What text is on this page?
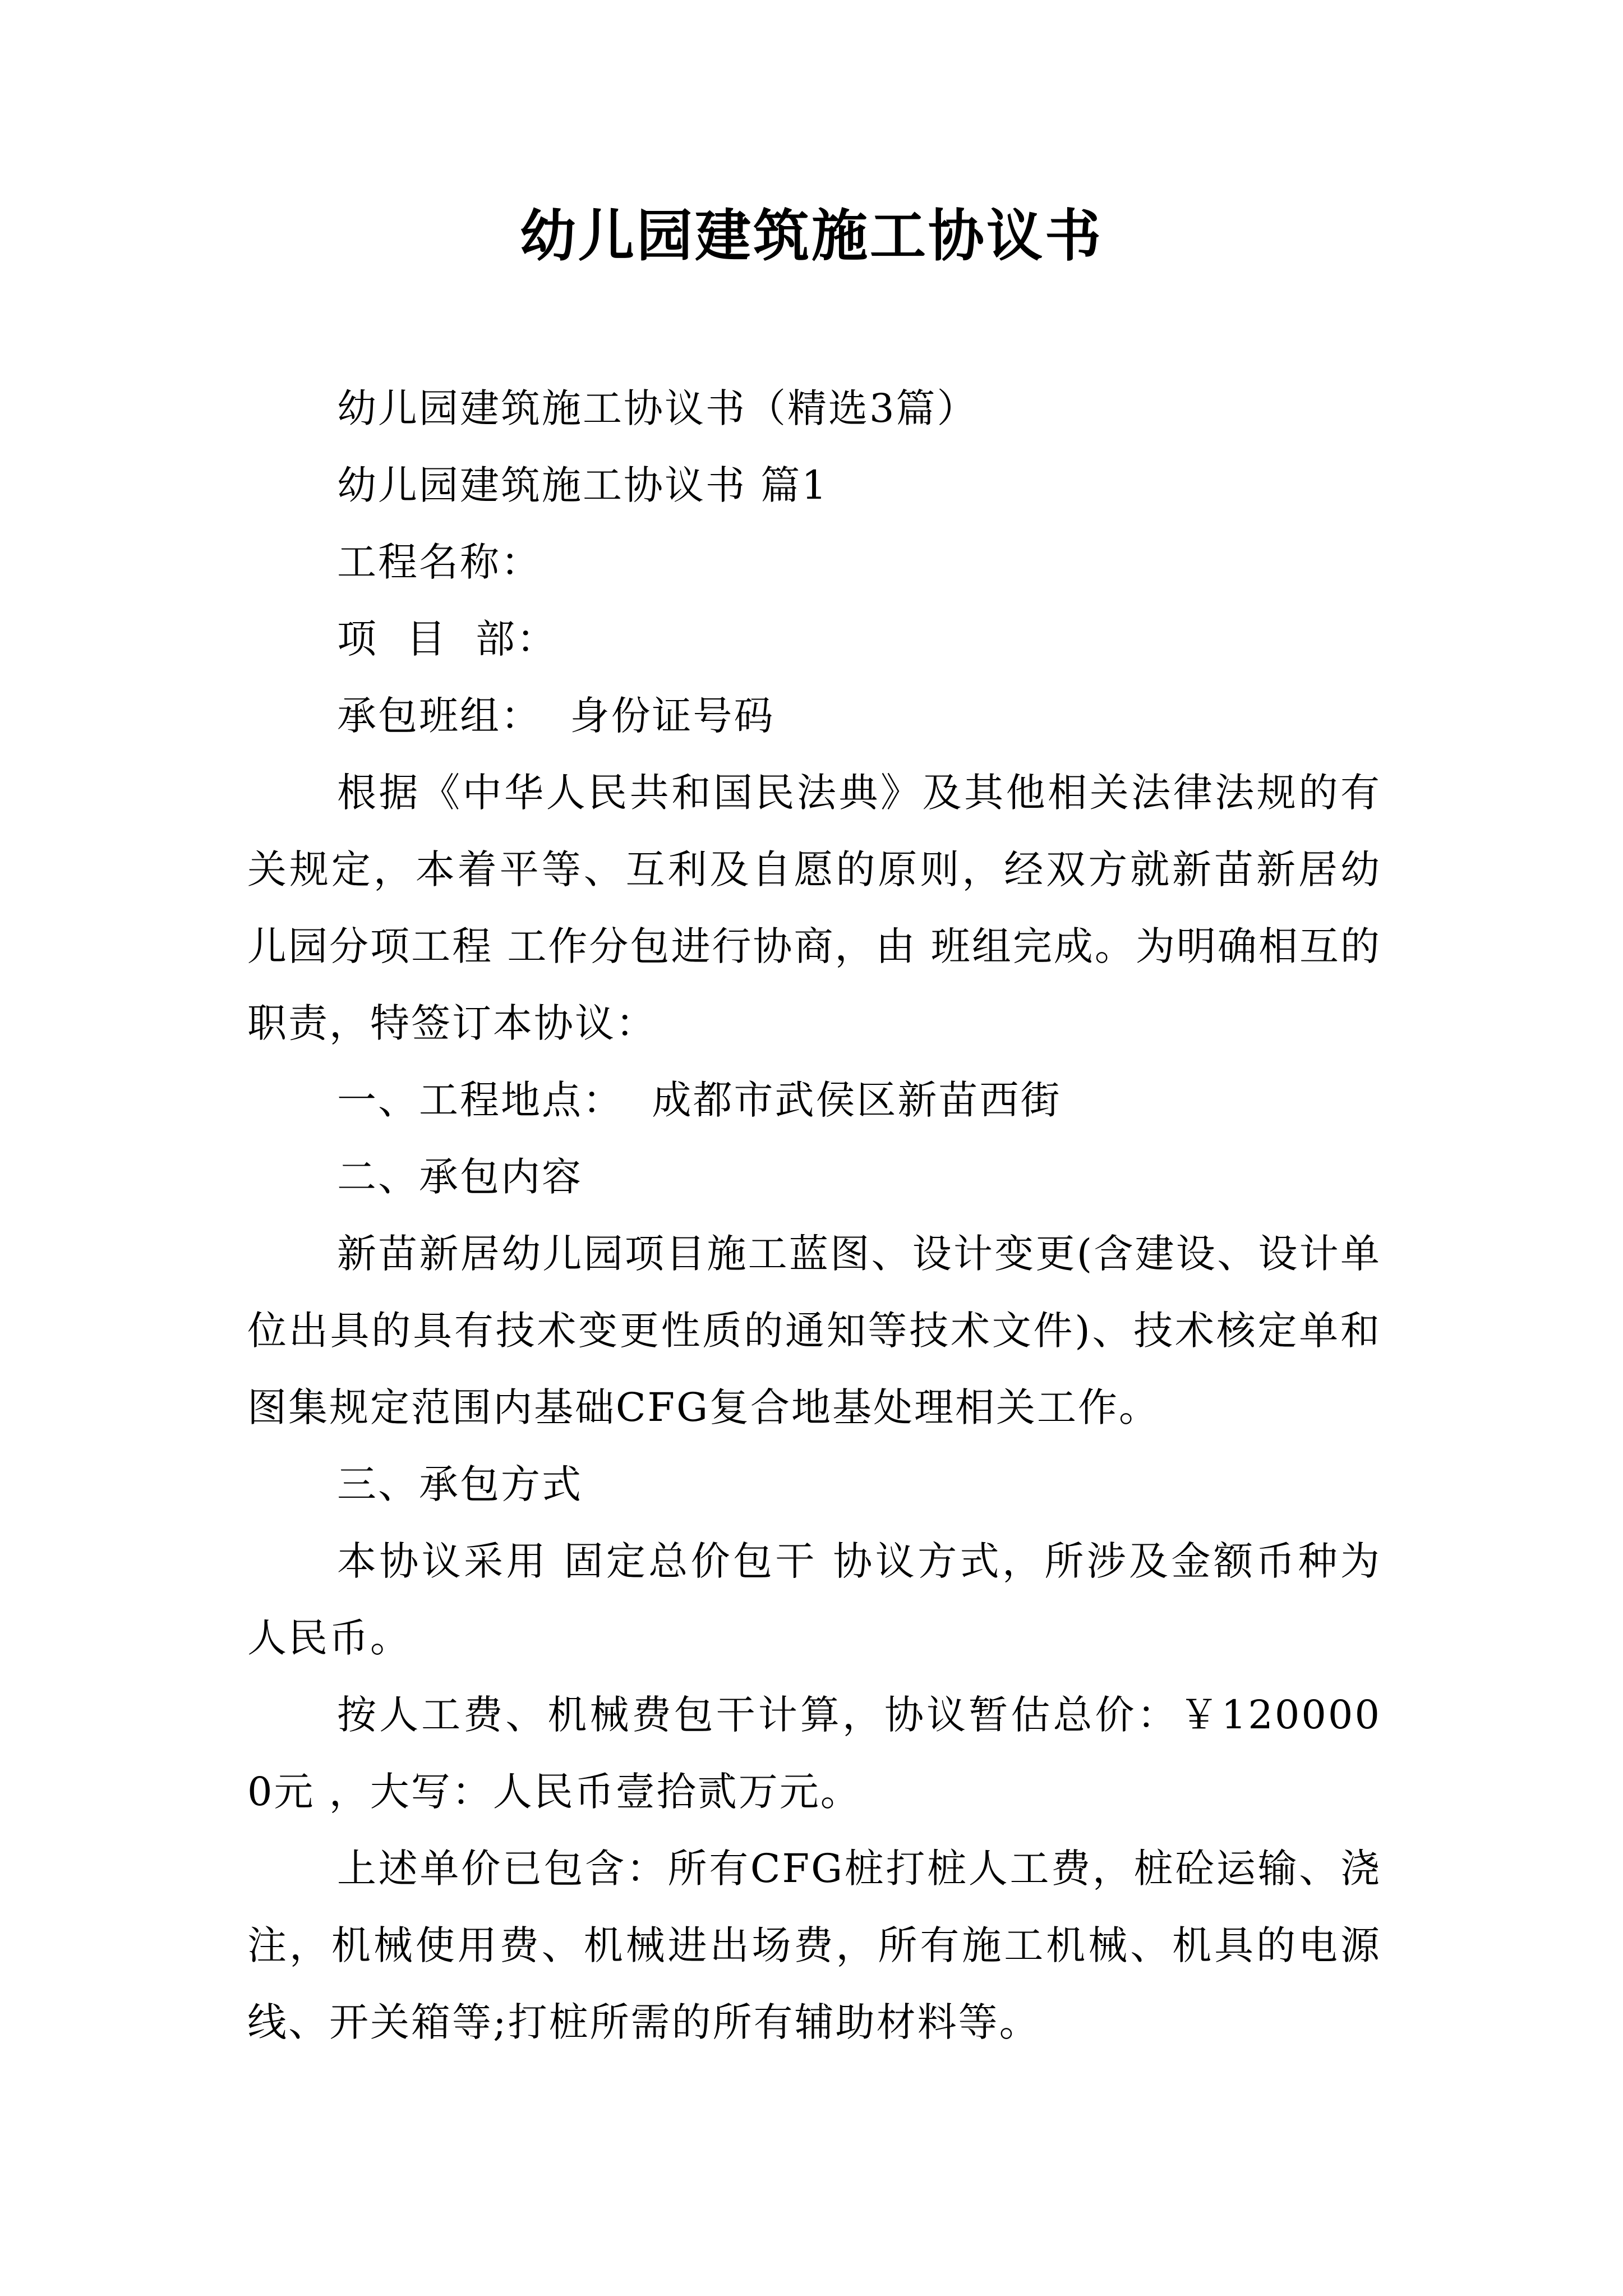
幼儿园建筑施工协议书

幼儿园建筑施工协议书（精选3篇）

幼儿园建筑施工协议书 篇1

工程名称：

项  目  部：

承包班组：  身份证号码

根据《中华人民共和国民法典》及其他相关法律法规的有关规定，本着平等、互利及自愿的原则，经双方就新苗新居幼儿园分项工程 工作分包进行协商，由 班组完成。为明确相互的职责，特签订本协议：

一、工程地点：  成都市武侯区新苗西街

二、承包内容

新苗新居幼儿园项目施工蓝图、设计变更(含建设、设计单位出具的具有技术变更性质的通知等技术文件)、技术核定单和图集规定范围内基础CFG复合地基处理相关工作。

三、承包方式

本协议采用 固定总价包干 协议方式，所涉及金额币种为人民币。

按人工费、机械费包干计算，协议暂估总价：￥1200000元 ，大写：人民币壹拾贰万元。

上述单价已包含：所有CFG桩打桩人工费，桩砼运输、浇注，机械使用费、机械进出场费，所有施工机械、机具的电源线、开关箱等;打桩所需的所有辅助材料等。
